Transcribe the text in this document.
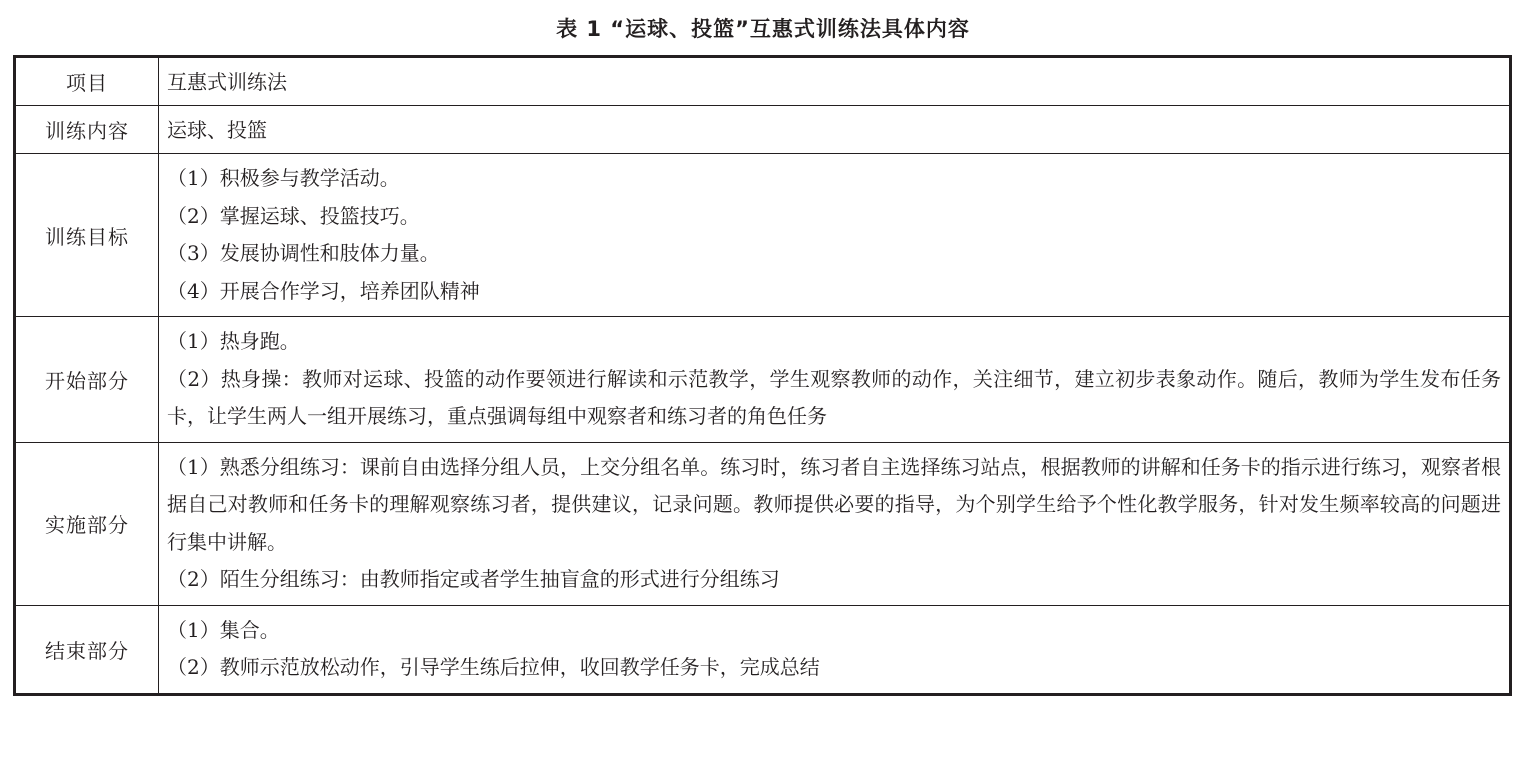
表 1 “运球、投篮”互惠式训练法具体内容
项目	互惠式训练法

训练内容	运球、投篮

训练目标	（1）积极参与教学活动。
（2）掌握运球、投篮技巧。
（3）发展协调性和肢体力量。
（4）开展合作学习，培养团队精神

开始部分	（1）热身跑。
（2）热身操：教师对运球、投篮的动作要领进行解读和示范教学，学生观察教师的动作，关注细节，建立初步表象动作。随后，教师为学生发布任务卡，让学生两人一组开展练习，重点强调每组中观察者和练习者的角色任务

实施部分	（1）熟悉分组练习：课前自由选择分组人员，上交分组名单。练习时，练习者自主选择练习站点，根据教师的讲解和任务卡的指示进行练习，观察者根据自己对教师和任务卡的理解观察练习者，提供建议，记录问题。教师提供必要的指导，为个别学生给予个性化教学服务，针对发生频率较高的问题进行集中讲解。
（2）陌生分组练习：由教师指定或者学生抽盲盒的形式进行分组练习

结束部分	（1）集合。
（2）教师示范放松动作，引导学生练后拉伸，收回教学任务卡，完成总结
